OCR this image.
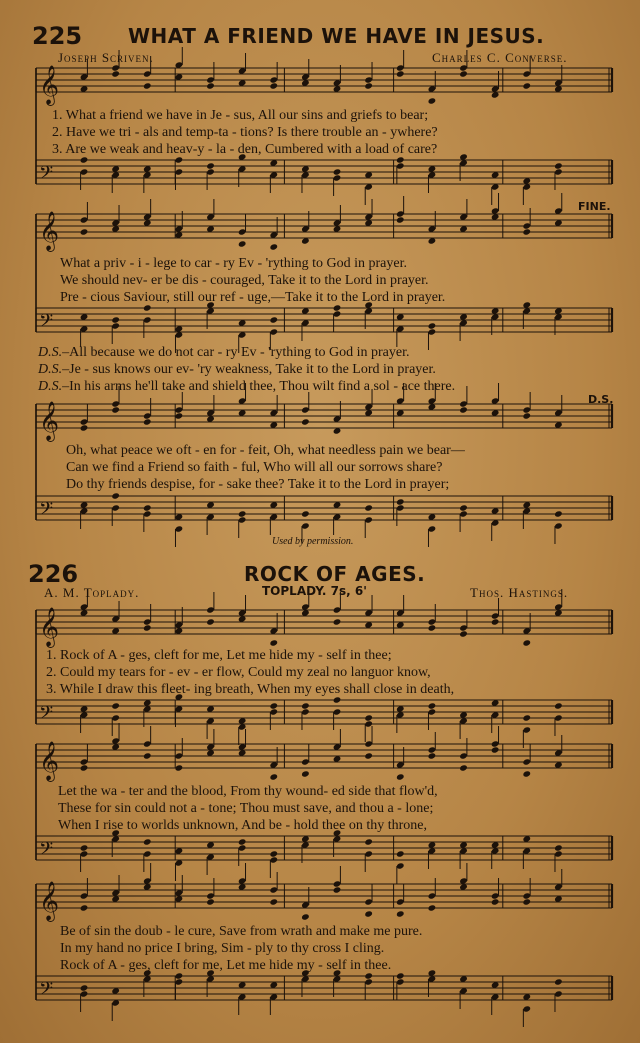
𝄞
𝄢
𝄞
𝄢
𝄞
𝄢
𝄞
𝄢
𝄞
𝄢
𝄞
𝄢
225 WHAT A FRIEND WE HAVE IN JESUS.
Joseph Scriven.	Charles C. Converse.
1. What a friend we have in Je - sus, All our sins and griefs to bear;
2. Have we tri - als and temp-ta - tions? Is there trouble an - ywhere?
3. Are we weak and heav-y - la - den, Cumbered with a load of care?
FINE.
What a priv - i - lege to car - ry Ev - 'rything to God in prayer.
We should nev- er be dis - couraged, Take it to the Lord in prayer.
Pre - cious Saviour, still our ref - uge,—Take it to the Lord in prayer.
D.S.–All because we do not car - ry Ev - 'rything to God in prayer.
D.S.–Je - sus knows our ev- 'ry weakness, Take it to the Lord in prayer.
D.S.–In his arms he'll take and shield thee, Thou wilt find a sol - ace there.
D.S.
Oh, what peace we oft - en for - feit, Oh, what needless pain we bear—
Can we find a Friend so faith - ful, Who will all our sorrows share?
Do thy friends despise, for - sake thee? Take it to the Lord in prayer;
Used by permission.
226	ROCK OF AGES.
A. M. Toplady.	TOPLADY. 7s, 6'	Thos. Hastings.
1. Rock of A - ges, cleft for me, Let me hide my - self in thee;
2. Could my tears for - ev - er flow, Could my zeal no languor know,
3. While I draw this fleet- ing breath, When my eyes shall close in death,
Let the wa - ter and the blood, From thy wound- ed side that flow'd,
These for sin could not a - tone; Thou must save, and thou a - lone;
When I rise to worlds unknown, And be - hold thee on thy throne,
Be of sin the doub - le cure, Save from wrath and make me pure.
In my hand no price I bring, Sim - ply to thy cross I cling.
Rock of A - ges, cleft for me, Let me hide my - self in thee.
